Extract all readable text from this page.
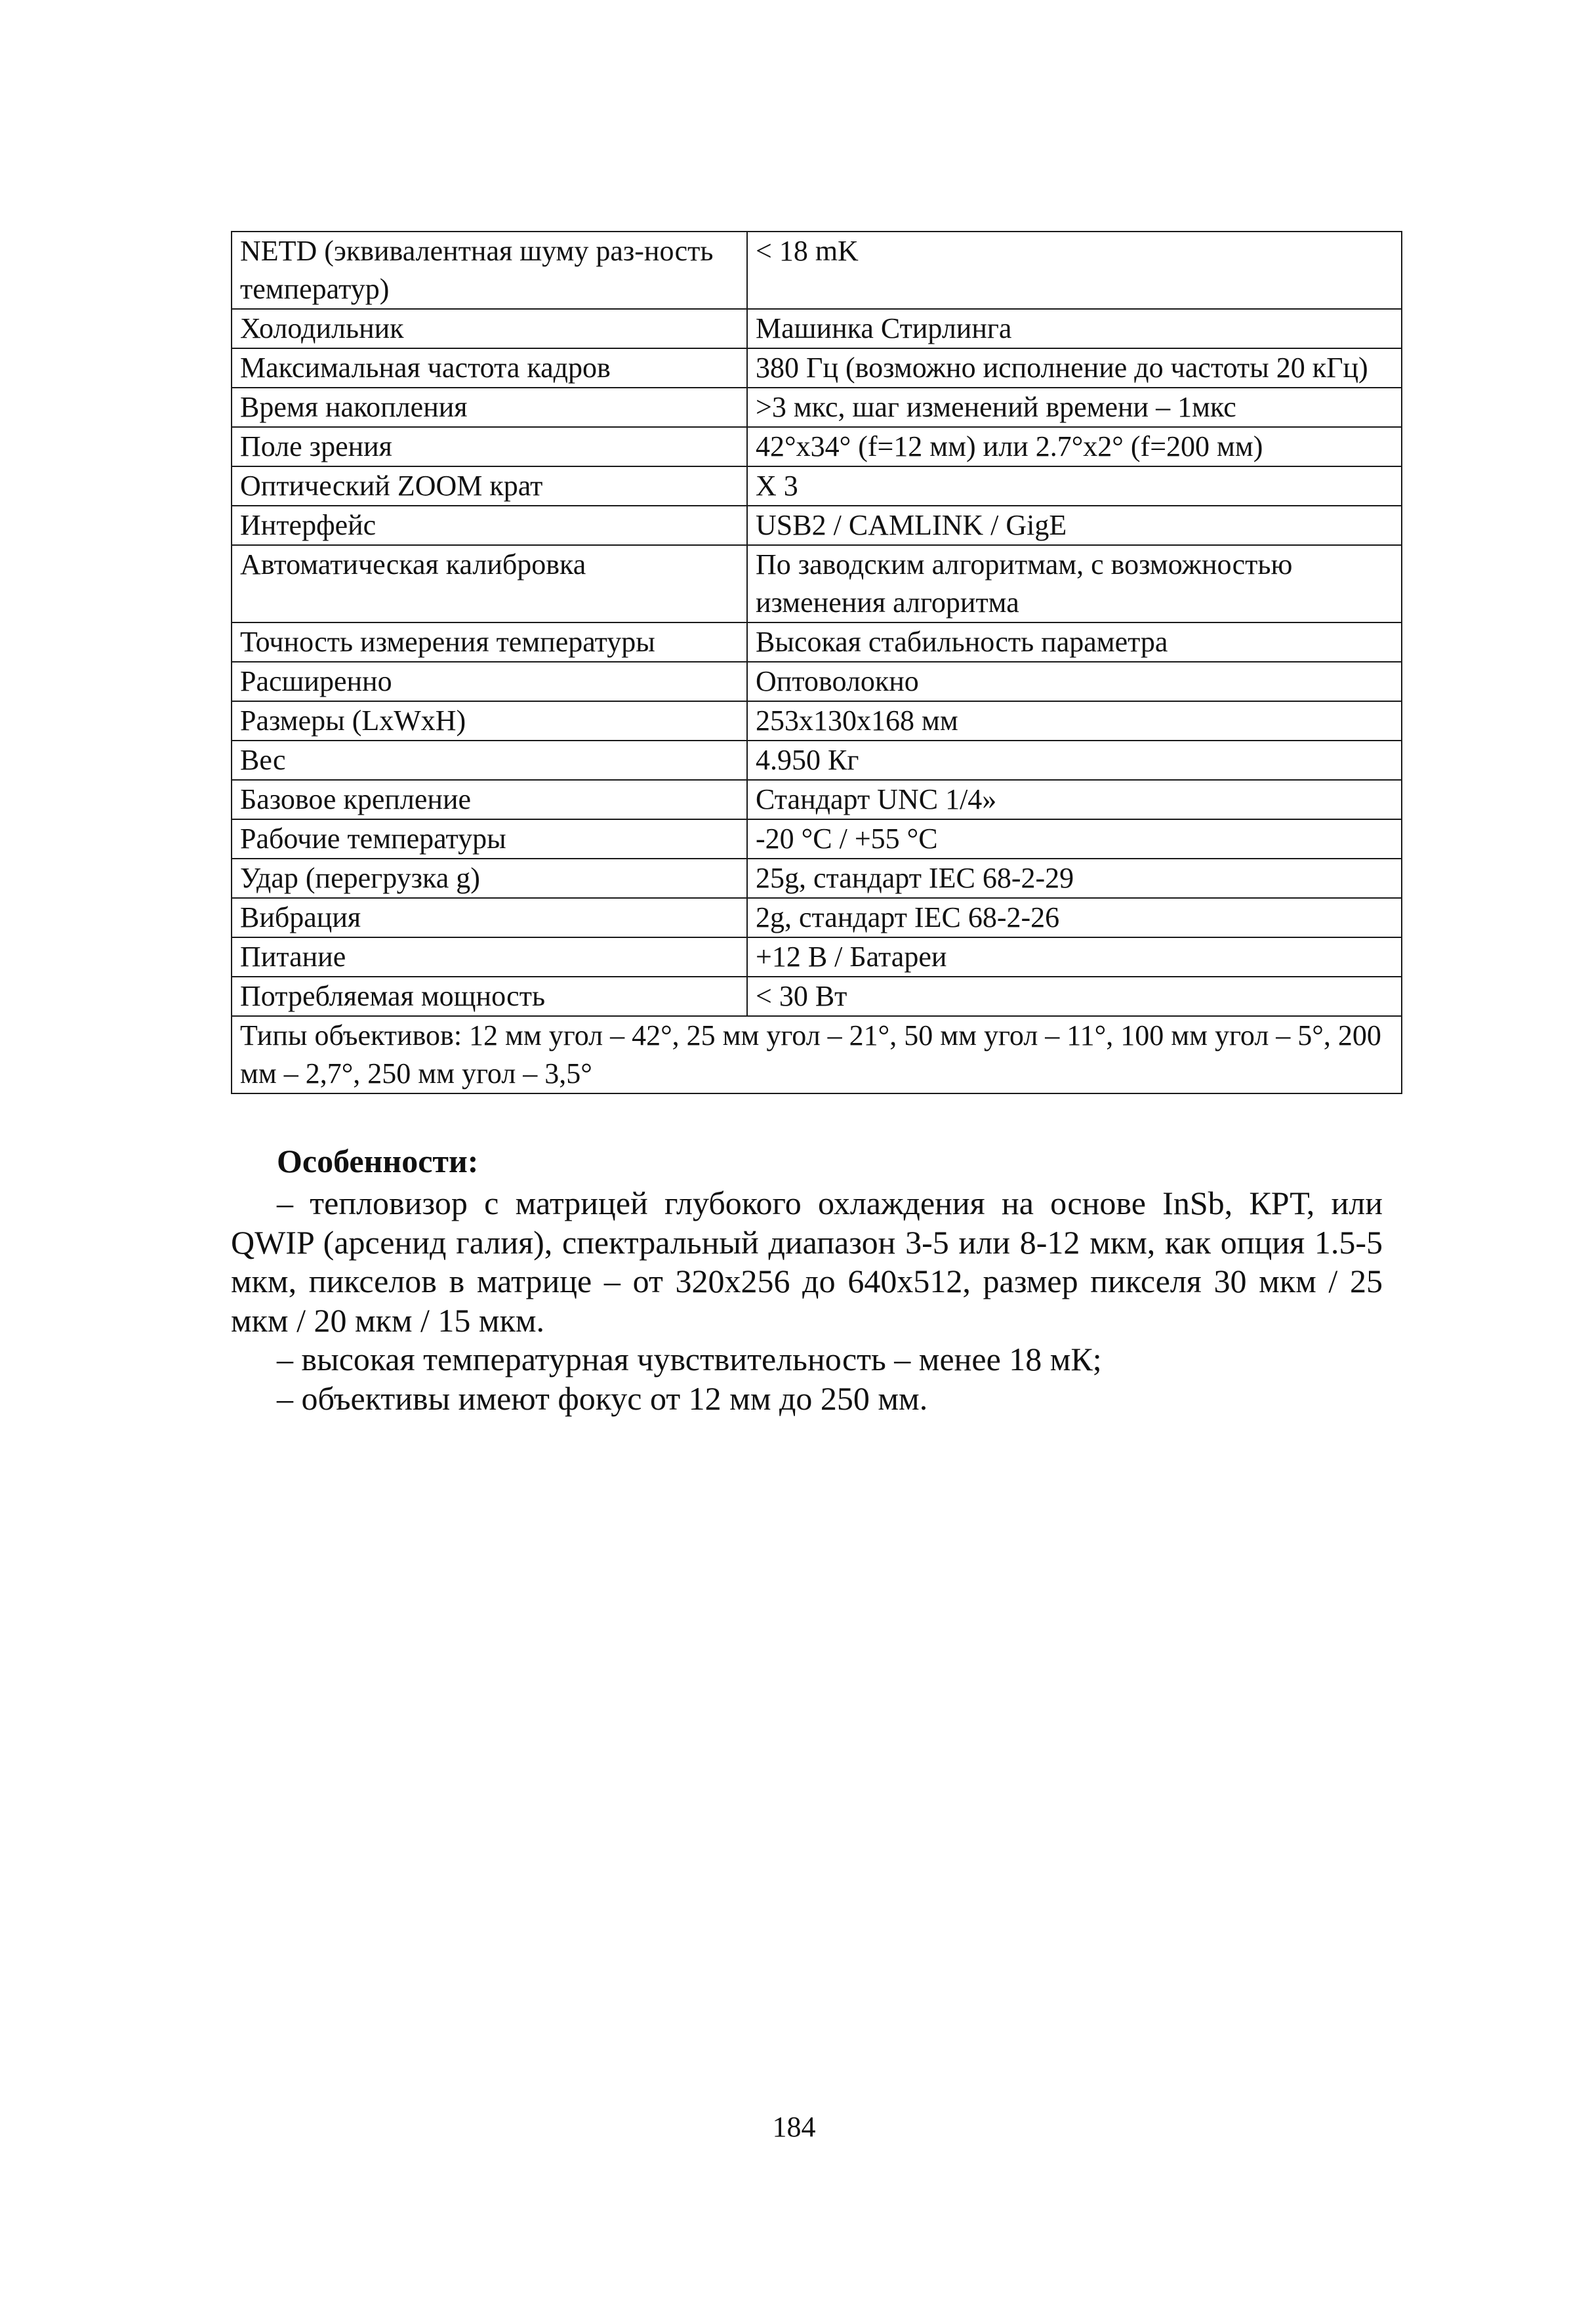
NETD (эквивалентная шуму раз-ность температур)	< 18 mK
Холодильник	Машинка Стирлинга
Максимальная частота кадров	380 Гц (возможно исполнение до частоты 20 кГц)
Время накопления	>3 мкс, шаг изменений времени – 1мкс
Поле зрения	42°x34° (f=12 мм) или 2.7°x2° (f=200 мм)
Оптический ZOOM крат	X 3
Интерфейс	USB2 / CAMLINK / GigE
Автоматическая калибровка	По заводским алгоритмам, с возможностью изменения алгоритма
Точность измерения температуры	Высокая стабильность параметра
Расширенно	Оптоволокно
Размеры (LxWxH)	253x130x168 мм
Вес	4.950 Кг
Базовое крепление	Стандарт UNC 1/4»
Рабочие температуры	-20 °C / +55 °C
Удар (перегрузка g)	25g, стандарт IEC 68-2-29
Вибрация	2g, стандарт IEC 68-2-26
Питание	+12 В / Батареи
Потребляемая мощность	< 30 Вт
Типы объективов: 12 мм угол – 42°, 25 мм угол – 21°, 50 мм угол – 11°, 100 мм угол – 5°, 200 мм – 2,7°, 250 мм угол – 3,5°	
Особенности:

– тепловизор с матрицей глубокого охлаждения на основе InSb, КРТ, или QWIP (арсенид галия), спектральный диапазон 3-5 или 8-12 мкм, как опция 1.5-5 мкм, пикселов в матрице – от 320x256 до 640x512, размер пикселя 30 мкм / 25 мкм / 20 мкм / 15 мкм.

– высокая температурная чувствительность – менее 18 мК;

– объективы имеют фокус от 12 мм до 250 мм.

184
